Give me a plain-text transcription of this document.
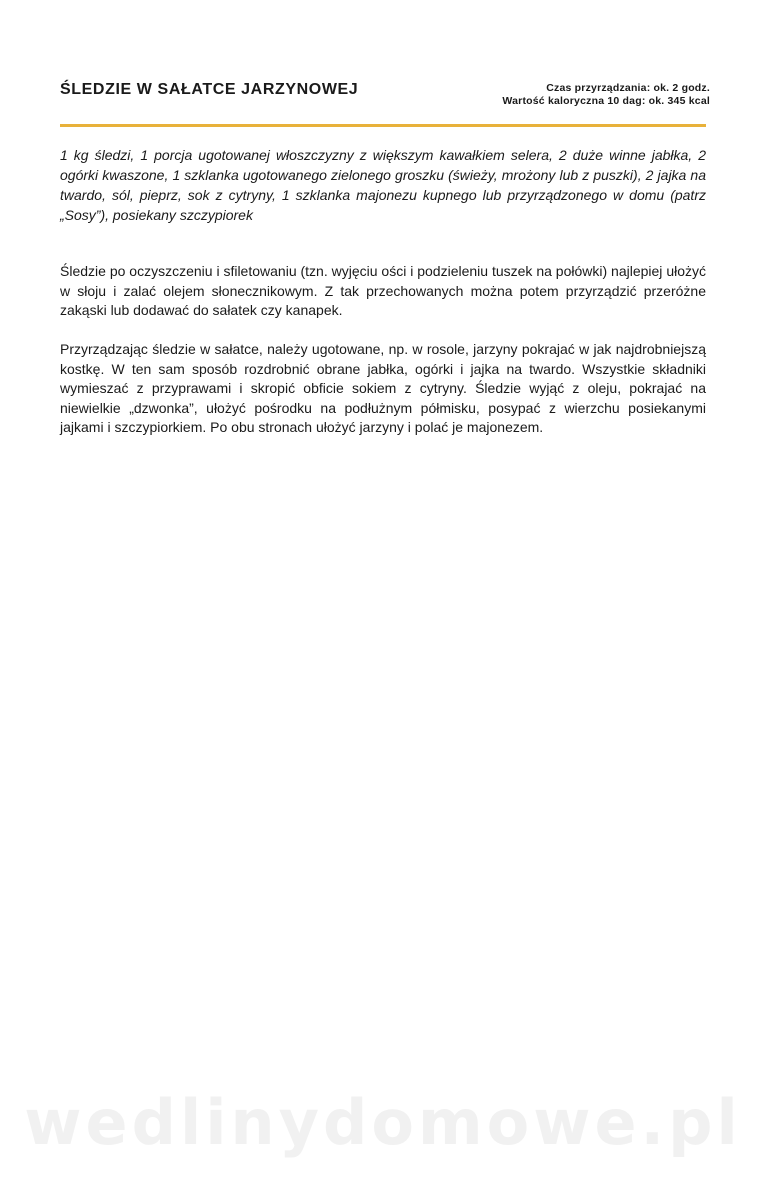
ŚLEDZIE W SAŁATCE JARZYNOWEJ	Czas przyrządzania: ok. 2 godz.
Wartość kaloryczna 10 dag: ok. 345 kcal

1 kg śledzi, 1 porcja ugotowanej włoszczyzny z większym kawałkiem selera, 2 duże winne jabłka, 2 ogórki kwaszone, 1 szklanka ugotowanego zielonego groszku (świeży, mrożony lub z puszki), 2 jajka na twardo, sól, pieprz, sok z cytryny, 1 szklanka majonezu kupnego lub przyrządzonego w domu (patrz „Sosy”), posiekany szczypiorek

Śledzie po oczyszczeniu i sfiletowaniu (tzn. wyjęciu ości i podzieleniu tuszek na połówki) najlepiej ułożyć w słoju i zalać olejem słonecznikowym. Z tak przechowanych można potem przyrządzić przeróżne zakąski lub dodawać do sałatek czy kanapek.

Przyrządzając śledzie w sałatce, należy ugotowane, np. w rosole, jarzyny pokrajać w jak najdrobniejszą kostkę. W ten sam sposób rozdrobnić obrane jabłka, ogórki i jajka na twardo. Wszystkie składniki wymieszać z przyprawami i skropić obficie sokiem z cytryny. Śledzie wyjąć z oleju, pokrajać na niewielkie „dzwonka”, ułożyć pośrodku na podłużnym półmisku, posypać z wierzchu posiekanymi jajkami i szczypiorkiem. Po obu stronach ułożyć jarzyny i polać je majonezem.

wedlinydomowe.pl
